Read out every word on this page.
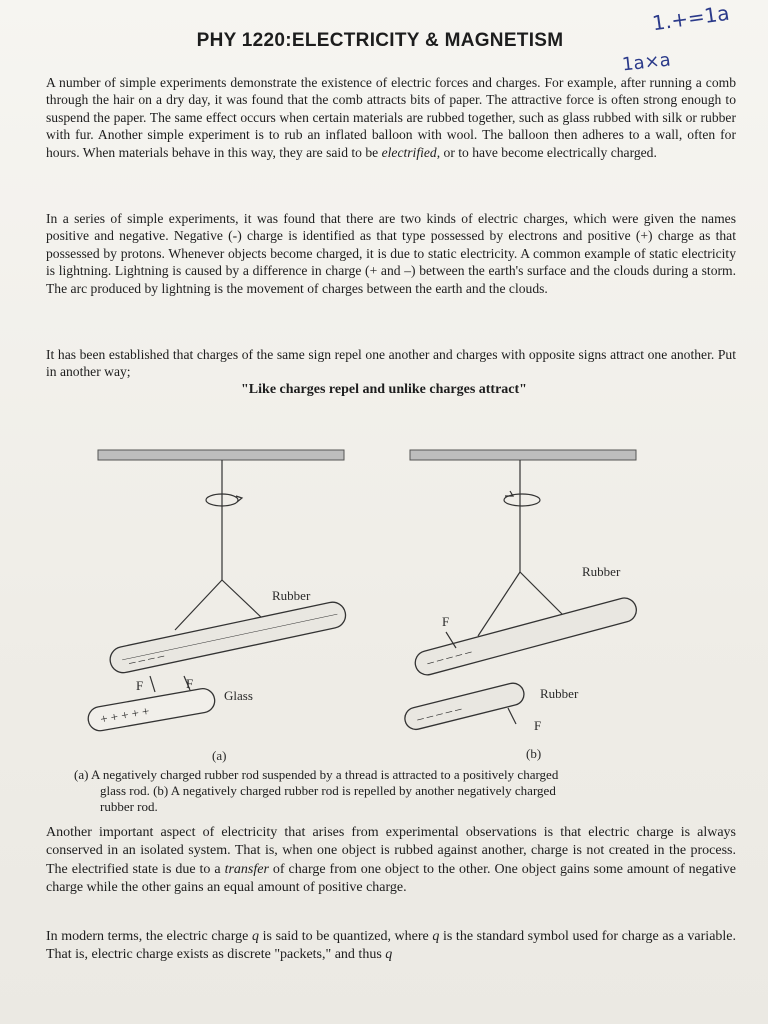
PHY 1220:ELECTRICITY & MAGNETISM
1.+=1a
1a×a

A number of simple experiments demonstrate the existence of electric forces and charges. For example, after running a comb through the hair on a dry day, it was found that the comb attracts bits of paper. The attractive force is often strong enough to suspend the paper. The same effect occurs when certain materials are rubbed together, such as glass rubbed with silk or rubber with fur. Another simple experiment is to rub an inflated balloon with wool. The balloon then adheres to a wall, often for hours. When materials behave in this way, they are said to be electrified, or to have become electrically charged.

In a series of simple experiments, it was found that there are two kinds of electric charges, which were given the names positive and negative. Negative (-) charge is identified as that type possessed by electrons and positive (+) charge as that possessed by protons. Whenever objects become charged, it is due to static electricity. A common example of static electricity is lightning. Lightning is caused by a difference in charge (+ and –) between the earth's surface and the clouds during a storm. The arc produced by lightning is the movement of charges between the earth and the clouds.

It has been established that charges of the same sign repel one another and charges with opposite signs attract one another. Put in another way;

"Like charges repel and unlike charges attract"
– – – –
+ + + + +
Rubber
F	F
Glass
(a)
– – – – –
– – – – –
Rubber
F
Rubber
F
(b)
(a) A negatively charged rubber rod suspended by a thread is attracted to a positively charged
glass rod. (b) A negatively charged rubber rod is repelled by another negatively charged
rubber rod.

Another important aspect of electricity that arises from experimental observations is that electric charge is always conserved in an isolated system. That is, when one object is rubbed against another, charge is not created in the process. The electrified state is due to a transfer of charge from one object to the other. One object gains some amount of negative charge while the other gains an equal amount of positive charge.

In modern terms, the electric charge q is said to be quantized, where q is the standard symbol used for charge as a variable. That is, electric charge exists as discrete "packets," and thus q
